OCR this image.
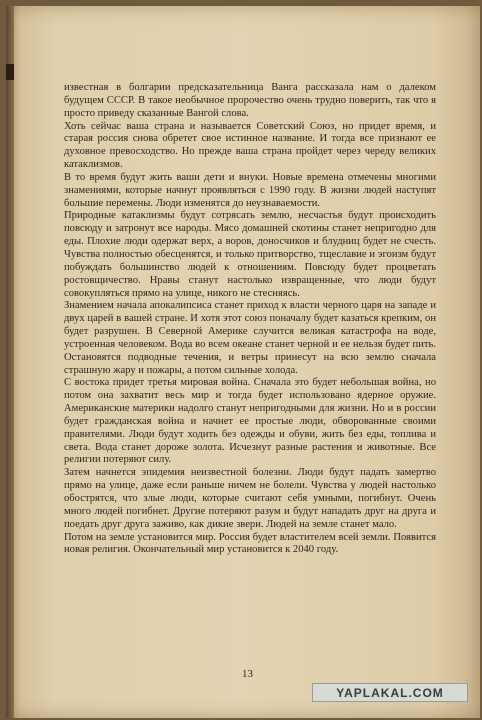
известная в болгарии предсказательница Ванга рассказала нам о далеком будущем СССР. В такое необычное пророчество очень трудно поверить, так что я просто приведу сказанные Вангой слова.

Хоть сейчас ваша страна и называется Советский Союз, но придет время, и старая россия снова обретет свое истинное название. И тогда все признают ее духовное превосходство. Но прежде ваша страна пройдет через череду великих катаклизмов.

В то время будут жить ваши дети и внуки. Новые времена отмечены многими знамениями, которые начнут проявляться с 1990 году. В жизни людей наступят большие перемены. Люди изменятся до неузнаваемости.

Природные катаклизмы будут сотрясать землю, несчастья будут происходить повсюду и затронут все народы. Мясо домашней скотины станет непригодно для еды. Плохие люди одержат верх, а воров, доносчиков и блудниц будет не счесть. Чувства полностью обесценятся, и только притворство, тщеславие и эгоизм будут побуждать большинство людей к отношениям. Повсюду будет процветать ростовщичество. Нравы станут настолько извращенные, что люди будут совокупляться прямо на улице, никого не стесняясь.

Знамением начала апокалипсиса станет приход к власти черного царя на западе и двух царей в вашей стране. И хотя этот союз поначалу будет казаться крепким, он будет разрушен. В Северной Америке случится великая катастрофа на воде, устроенная человеком. Вода во всем океане станет черной и ее нельзя будет пить. Остановятся подводные течения, и ветры принесут на всю землю сначала страшную жару и пожары, а потом сильные холода.

С востока придет третья мировая война. Сначала это будет небольшая война, но потом она захватит весь мир и тогда будет использовано ядерное оружие. Американские материки надолго станут непригодными для жизни. Но и в россии будет гражданская война и начнет ее простые люди, обворованные своими правителями. Люди будут ходить без одежды и обуви, жить без еды, топлива и света. Вода станет дороже золота. Исчезнут разные растения и животные. Все религии потеряют силу.

Затем начнется эпидемия неизвестной болезни. Люди будут падать замертво прямо на улице, даже если раньше ничем не болели. Чувства у людей настолько обострятся, что злые люди, которые считают себя умными, погибнут. Очень много людей погибнет. Другие потеряют разум и будут нападать друг на друга и поедать друг друга заживо, как дикие звери. Людей на земле станет мало.

Потом на земле установится мир. Россия будет властителем всей земли. Появится новая религия. Окончательный мир установится к 2040 году.

13
YAPLAKAL.COM
